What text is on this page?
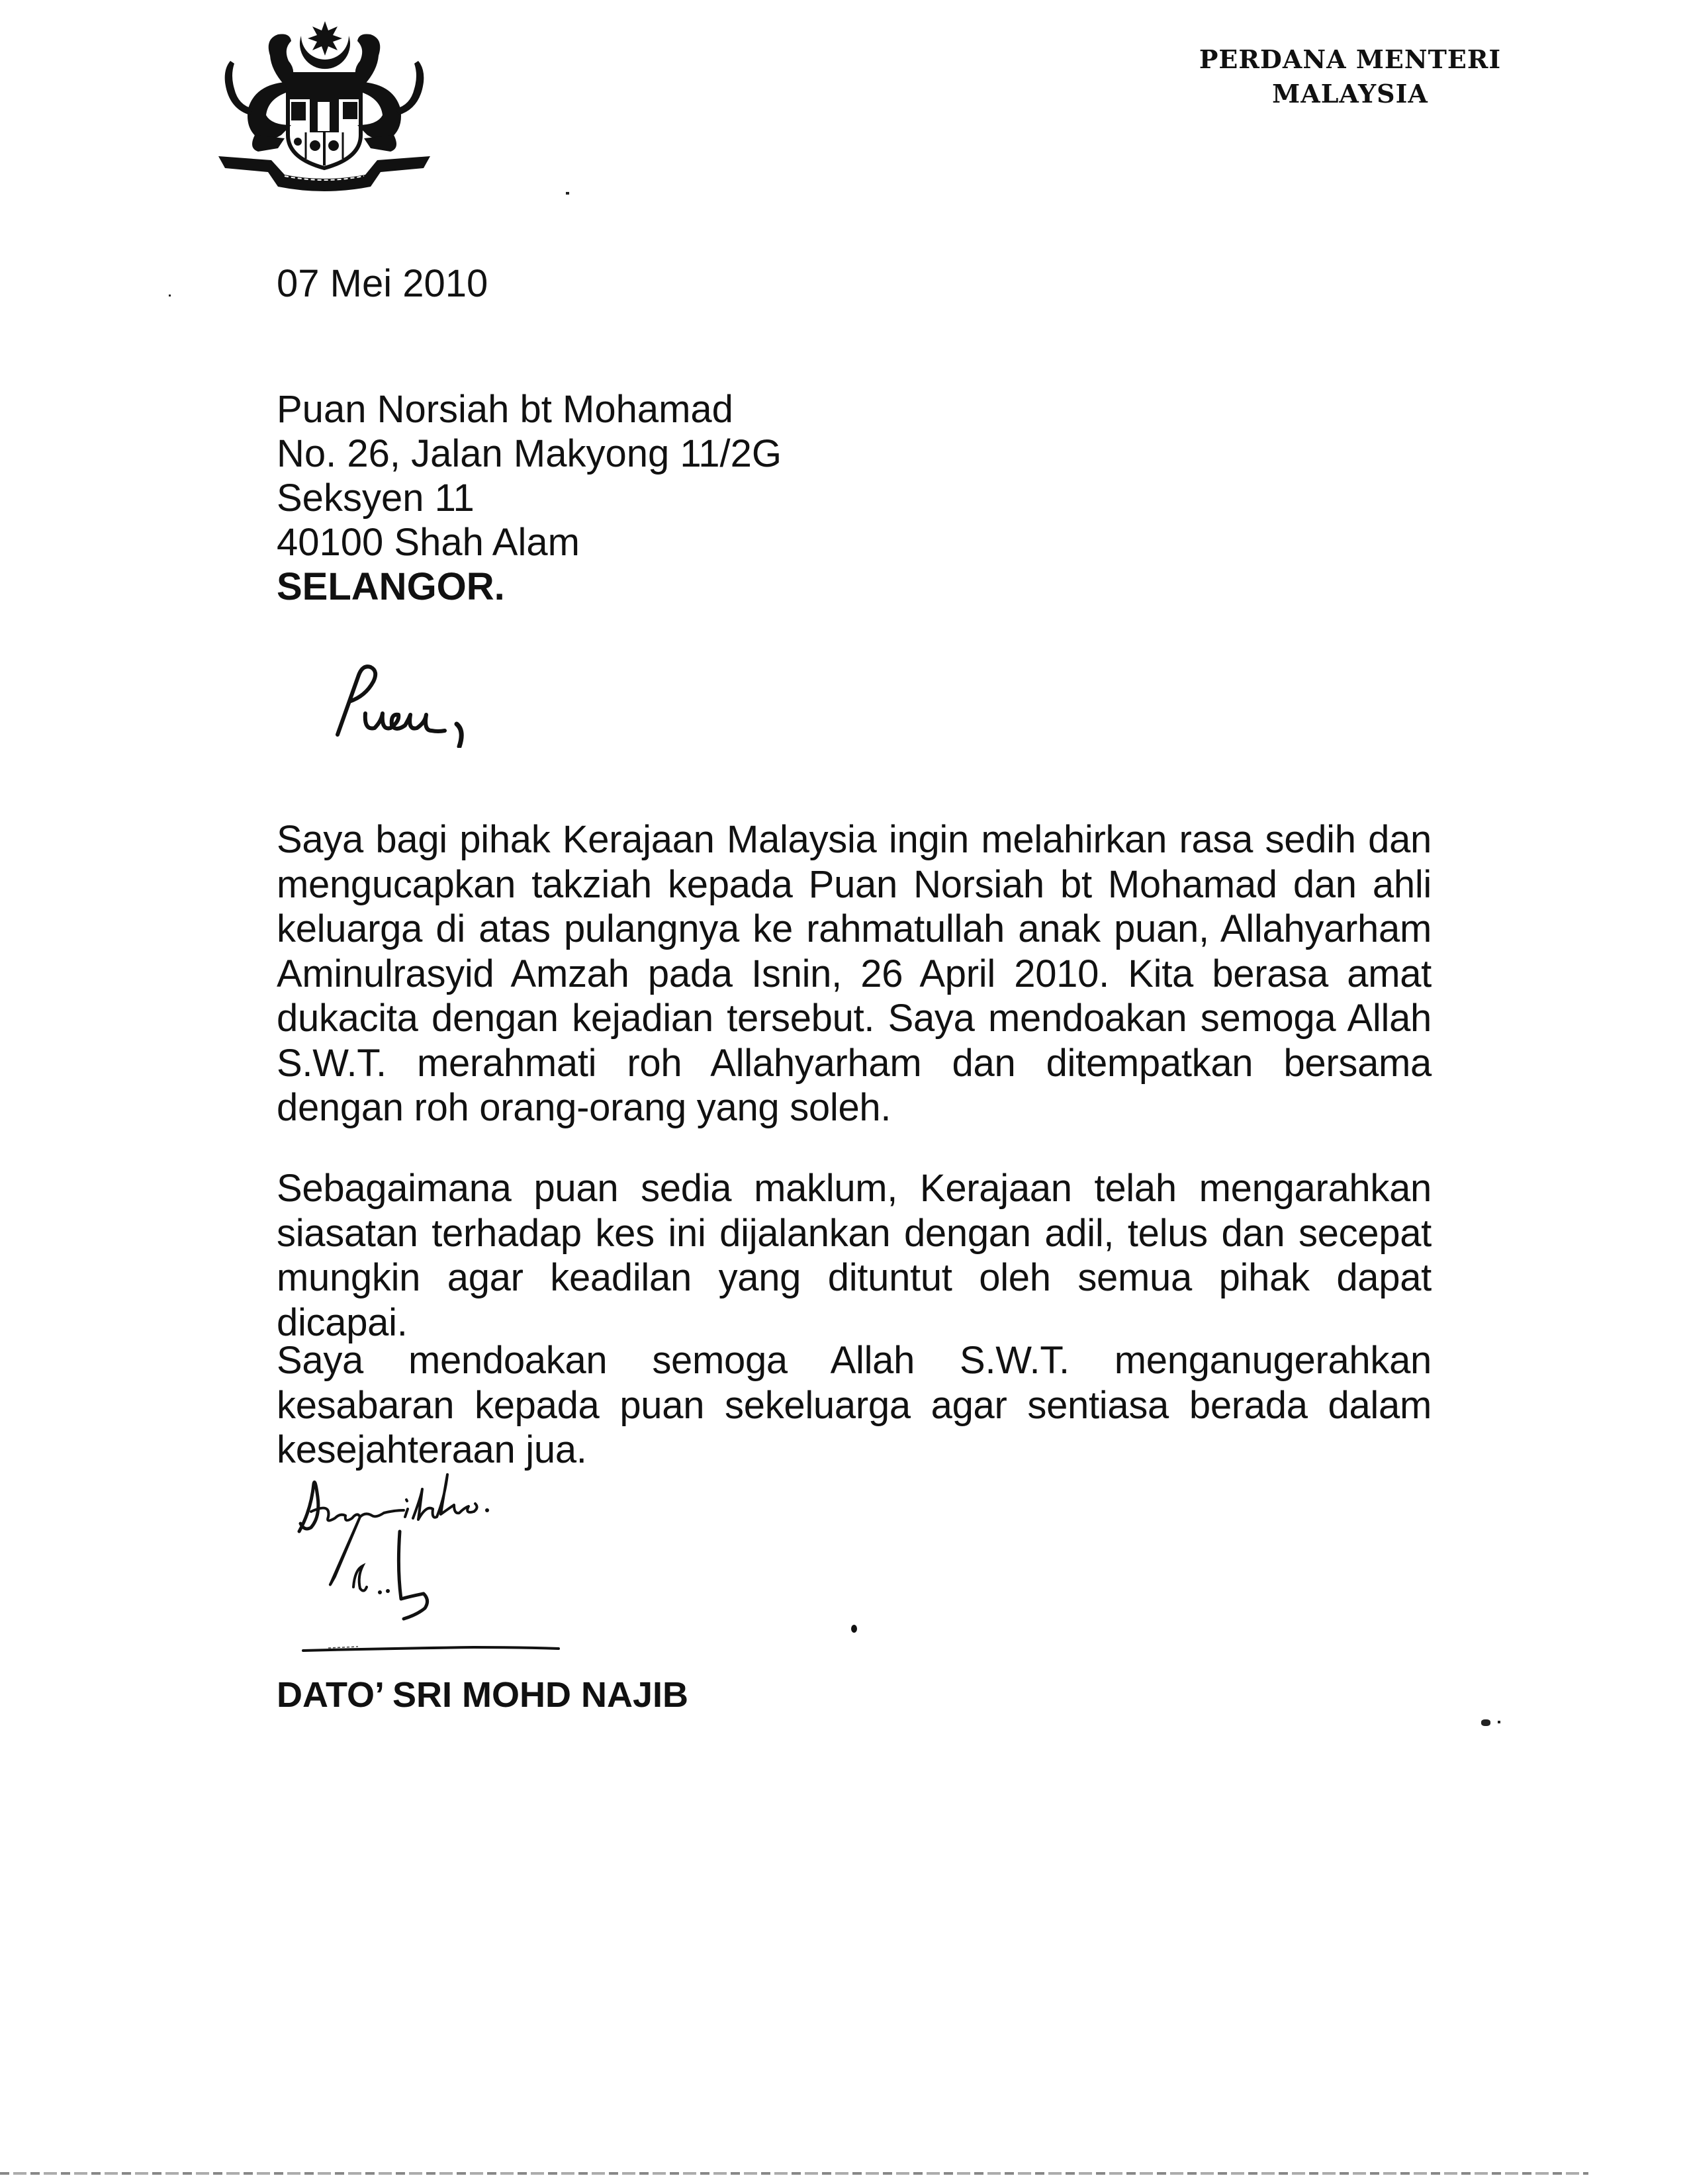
PERDANA MENTERI
MALAYSIA
07 Mei 2010
Puan Norsiah bt Mohamad
No. 26, Jalan Makyong 11/2G
Seksyen 11
40100 Shah Alam
SELANGOR.
Saya bagi pihak Kerajaan Malaysia ingin melahirkan rasa sedih dan mengucapkan takziah kepada Puan Norsiah bt Mohamad dan ahli keluarga di atas pulangnya ke rahmatullah anak puan, Allahyarham Aminulrasyid Amzah pada Isnin, 26 April 2010. Kita berasa amat dukacita dengan kejadian tersebut. Saya mendoakan semoga Allah S.W.T. merahmati roh Allahyarham dan ditempatkan bersama dengan roh orang-orang yang soleh.
Sebagaimana puan sedia maklum, Kerajaan telah mengarahkan siasatan terhadap kes ini dijalankan dengan adil, telus dan secepat mungkin agar keadilan yang dituntut oleh semua pihak dapat dicapai.
Saya mendoakan semoga Allah S.W.T. menganugerahkan kesabaran kepada puan sekeluarga agar sentiasa berada dalam kesejahteraan jua.
DATO’ SRI MOHD NAJIB
